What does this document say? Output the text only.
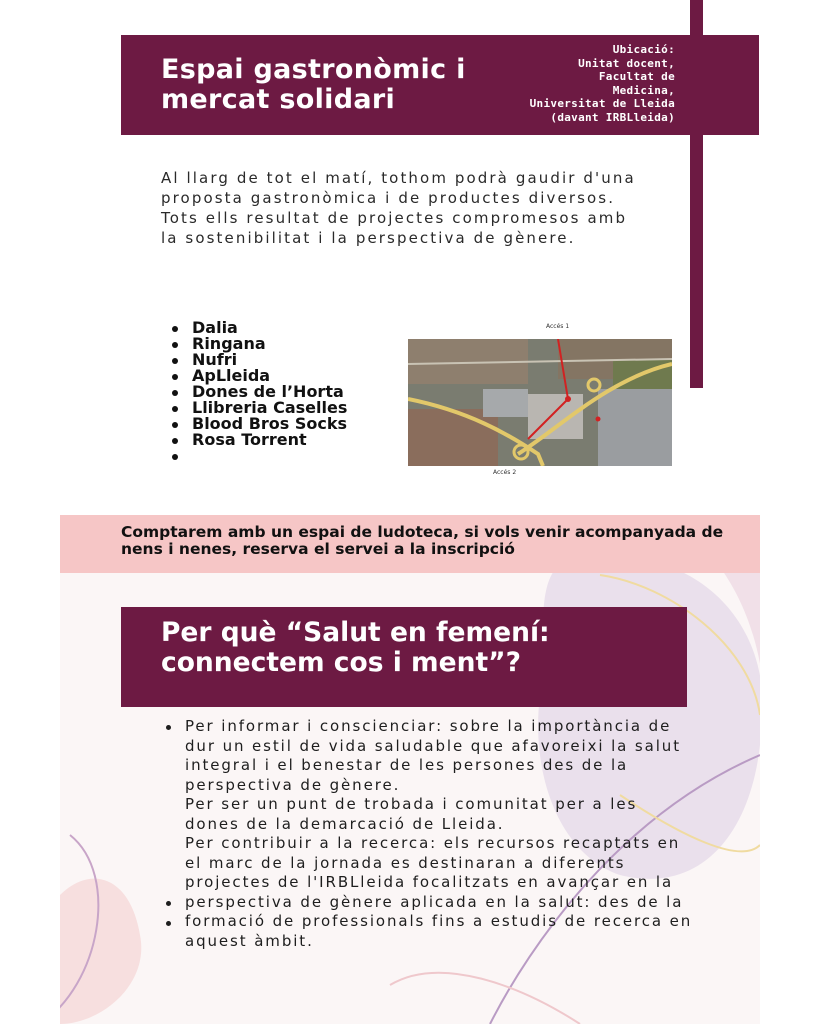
Espai gastronòmic i mercat solidari
Ubicació:
Unitat docent,
Facultat de
Medicina,
Universitat de Lleida
(davant IRBLleida)
Al llarg de tot el matí, tothom podrà gaudir d'una proposta gastronòmica i de productes diversos.
Tots ells resultat de projectes compromesos amb la sostenibilitat i la perspectiva de gènere.
Dalia
Ringana
Nufri
ApLleida
Dones de l’Horta
Llibreria Caselles
Blood Bros Socks
Rosa Torrent
Accés 1
Accés 2
Comptarem amb un espai de ludoteca, si vols venir acompanyada de nens i nenes, reserva el servei a la inscripció
Per què “Salut en femení: connectem cos i ment”?
Per informar i conscienciar: sobre la importància de dur un estil de vida saludable que afavoreixi la salut integral i el benestar de les persones des de la perspectiva de gènere.
Per ser un punt de trobada i comunitat per a les dones de la demarcació de Lleida.
Per contribuir a la recerca: els recursos recaptats en el marc de la jornada es destinaran a diferents projectes de l'IRBLleida focalitzats en avançar en la perspectiva de gènere aplicada en la salut: des de la formació de professionals fins a estudis de recerca en aquest àmbit.
